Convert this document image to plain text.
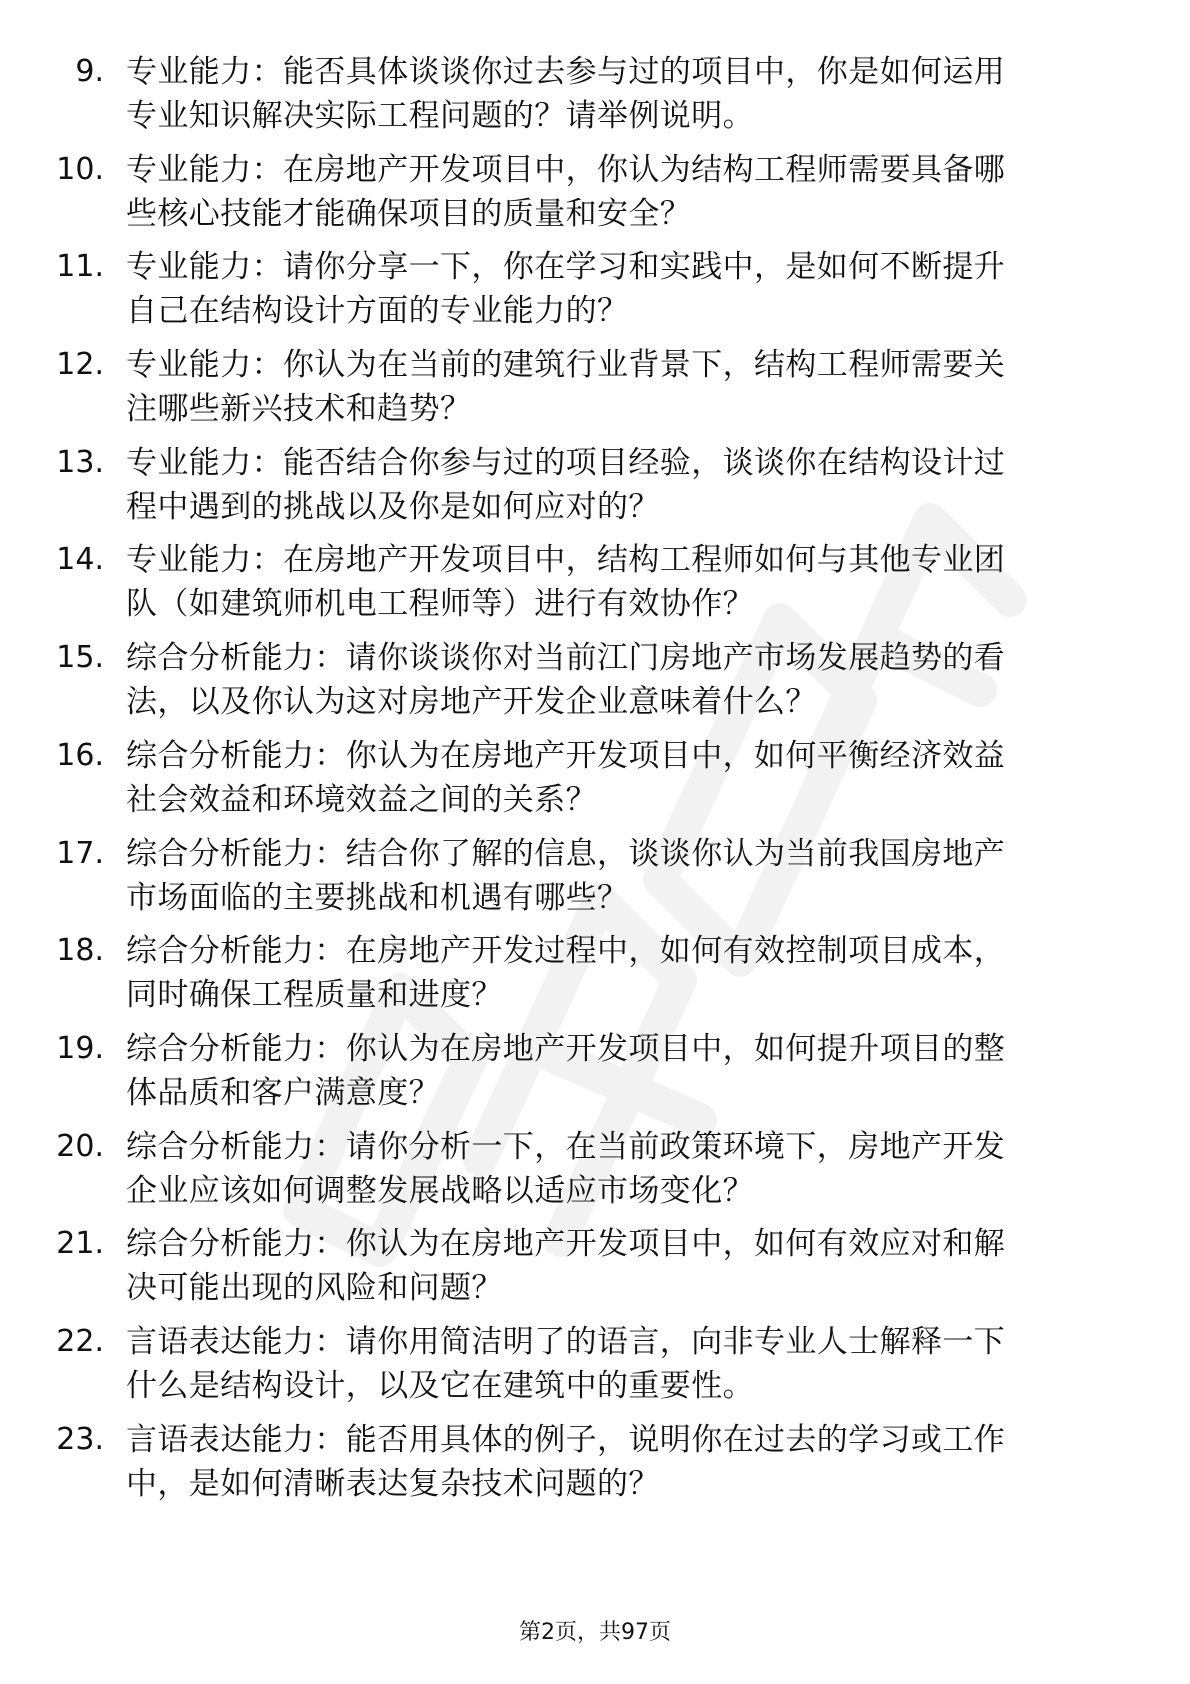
9. 专业能力：能否具体谈谈你过去参与过的项目中，你是如何运用
专业知识解决实际工程问题的？请举例说明。
10. 专业能力：在房地产开发项目中，你认为结构工程师需要具备哪
些核心技能才能确保项目的质量和安全？
11. 专业能力：请你分享一下，你在学习和实践中，是如何不断提升
自己在结构设计方面的专业能力的？
12. 专业能力：你认为在当前的建筑行业背景下，结构工程师需要关
注哪些新兴技术和趋势？
13. 专业能力：能否结合你参与过的项目经验，谈谈你在结构设计过
程中遇到的挑战以及你是如何应对的？
14. 专业能力：在房地产开发项目中，结构工程师如何与其他专业团
队（如建筑师机电工程师等）进行有效协作？
15. 综合分析能力：请你谈谈你对当前江门房地产市场发展趋势的看
法，以及你认为这对房地产开发企业意味着什么？
16. 综合分析能力：你认为在房地产开发项目中，如何平衡经济效益
社会效益和环境效益之间的关系？
17. 综合分析能力：结合你了解的信息，谈谈你认为当前我国房地产
市场面临的主要挑战和机遇有哪些？
18. 综合分析能力：在房地产开发过程中，如何有效控制项目成本，
同时确保工程质量和进度？
19. 综合分析能力：你认为在房地产开发项目中，如何提升项目的整
体品质和客户满意度？
20. 综合分析能力：请你分析一下，在当前政策环境下，房地产开发
企业应该如何调整发展战略以适应市场变化？
21. 综合分析能力：你认为在房地产开发项目中，如何有效应对和解
决可能出现的风险和问题？
22. 言语表达能力：请你用简洁明了的语言，向非专业人士解释一下
什么是结构设计，以及它在建筑中的重要性。
23. 言语表达能力：能否用具体的例子，说明你在过去的学习或工作
中，是如何清晰表达复杂技术问题的？
第2页，共97页
